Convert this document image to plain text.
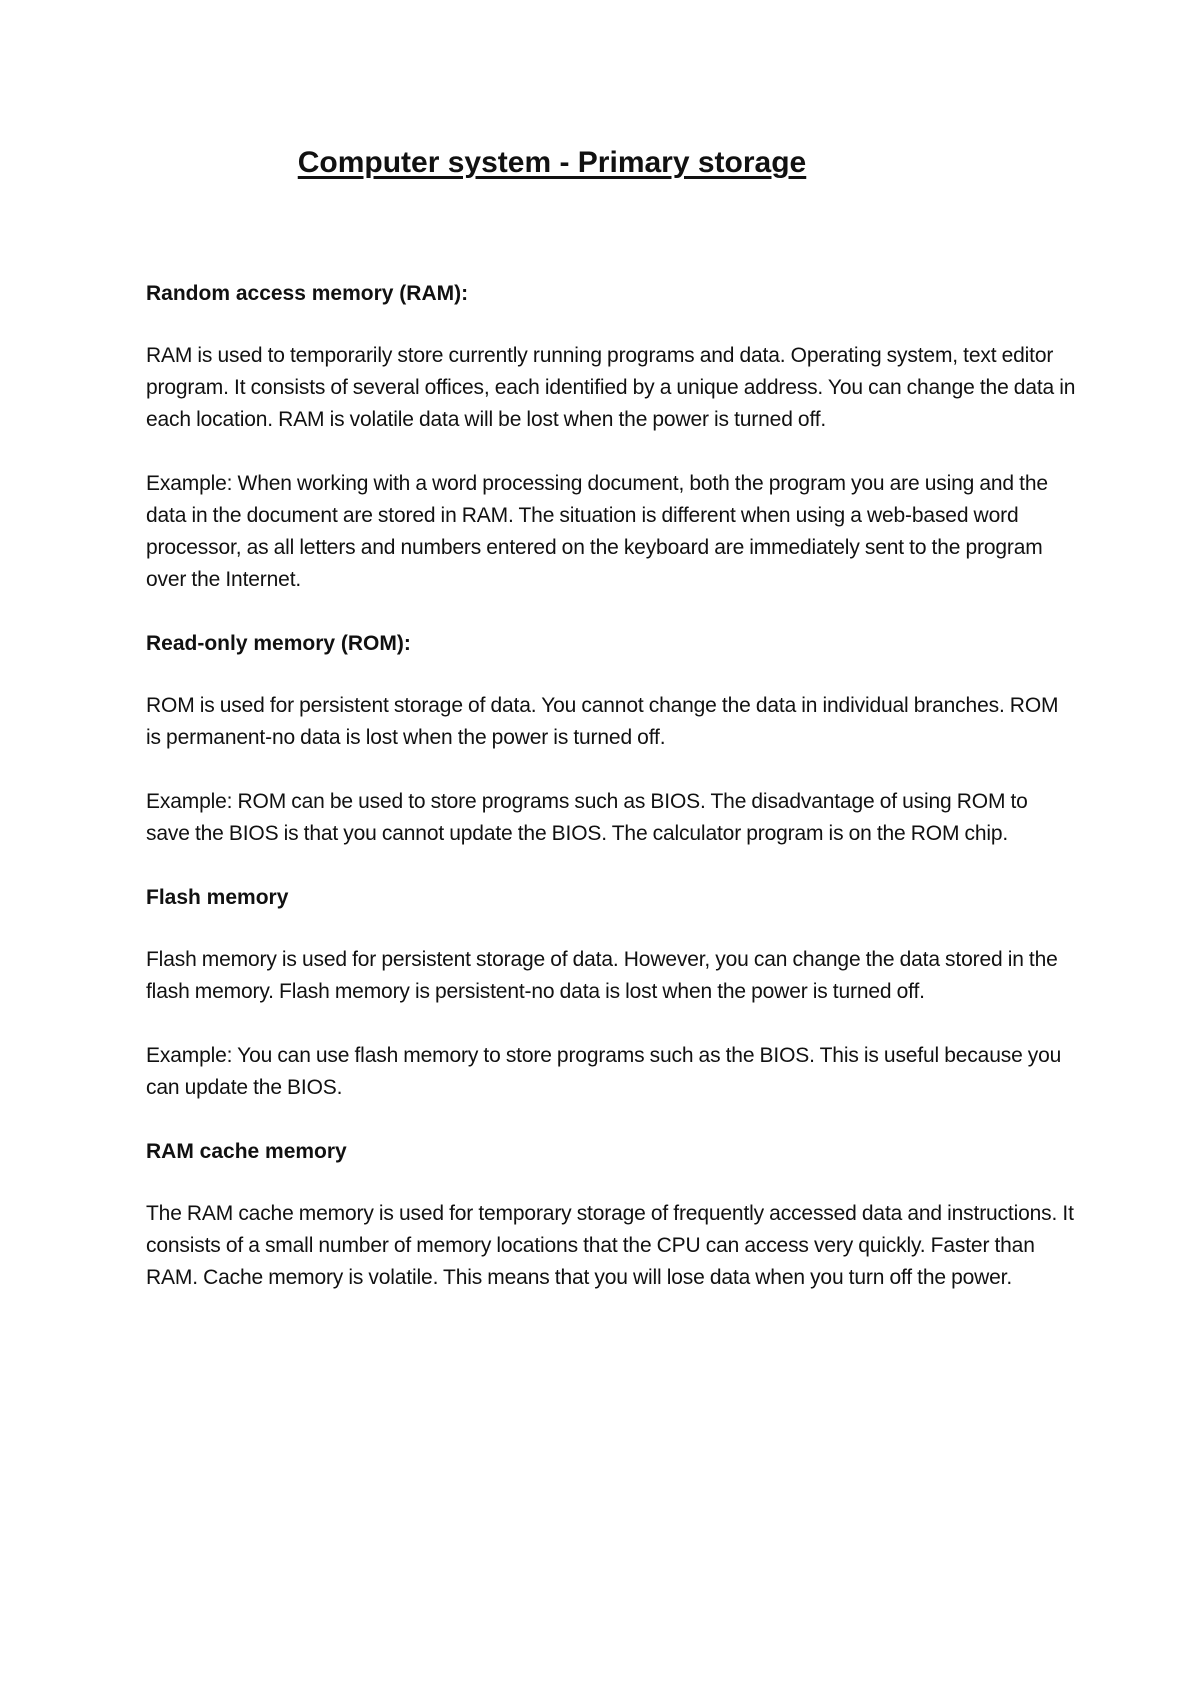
Computer system - Primary storage

Random access memory (RAM):

RAM is used to temporarily store currently running programs and data. Operating system, text editor program. It consists of several offices, each identified by a unique address. You can change the data in each location. RAM is volatile data will be lost when the power is turned off.

Example: When working with a word processing document, both the program you are using and the data in the document are stored in RAM. The situation is different when using a web-based word processor, as all letters and numbers entered on the keyboard are immediately sent to the program over the Internet.

Read-only memory (ROM):

ROM is used for persistent storage of data. You cannot change the data in individual branches. ROM is permanent-no data is lost when the power is turned off.

Example: ROM can be used to store programs such as BIOS. The disadvantage of using ROM to save the BIOS is that you cannot update the BIOS. The calculator program is on the ROM chip.

Flash memory

Flash memory is used for persistent storage of data. However, you can change the data stored in the flash memory. Flash memory is persistent-no data is lost when the power is turned off.

Example: You can use flash memory to store programs such as the BIOS. This is useful because you can update the BIOS.

RAM cache memory

The RAM cache memory is used for temporary storage of frequently accessed data and instructions. It consists of a small number of memory locations that the CPU can access very quickly. Faster than RAM. Cache memory is volatile. This means that you will lose data when you turn off the power.
